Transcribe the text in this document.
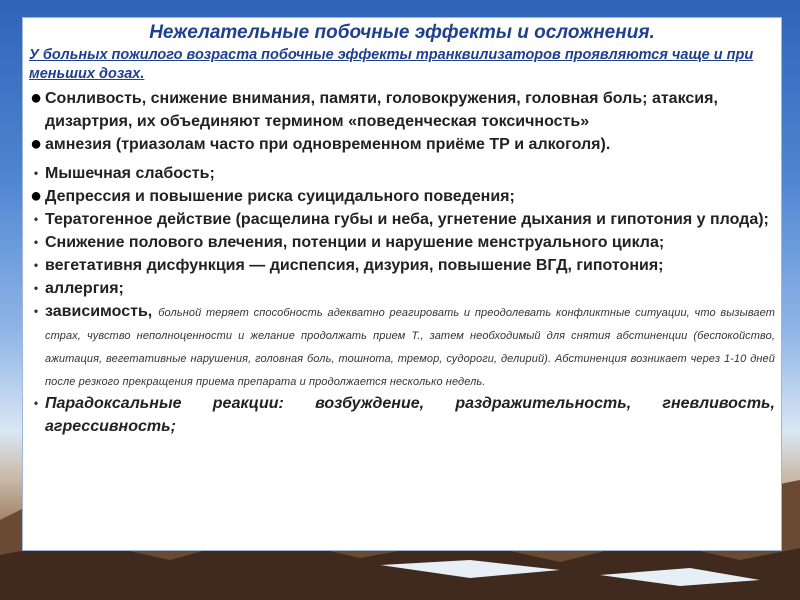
Нежелательные побочные эффекты и осложнения.
У больных пожилого возраста побочные эффекты транквилизаторов проявляются чаще и при меньших дозах.
● Сонливость, снижение внимания, памяти, головокружения, головная боль; атаксия, дизартрия, их объединяют термином «поведенческая токсичность»
● амнезия (триазолам часто при одновременном приёме ТР и алкоголя).
• Мышечная слабость;
● Депрессия и повышение риска суицидального поведения;
• Тератогенное действие (расщелина губы и неба, угнетение дыхания и гипотония у плода);
• Снижение полового влечения, потенции и нарушение менструального цикла;
• вегетативня дисфункция — диспепсия, дизурия, повышение ВГД, гипотония;
• аллергия;
• зависимость, больной теряет способность адекватно реагировать и преодолевать конфликтные ситуации, что вызывает страх, чувство неполноценности и желание продолжать прием Т., затем необходимый для снятия абстиненции (беспокойство, ажитация, вегетативные нарушения, головная боль, тошнота, тремор, судороги, делирий). Абстиненция возникает через 1-10 дней после резкого прекращения приема препарата и продолжается несколько недель.
• Парадоксальные реакции: возбуждение, раздражительность, гневливость, агрессивность;
